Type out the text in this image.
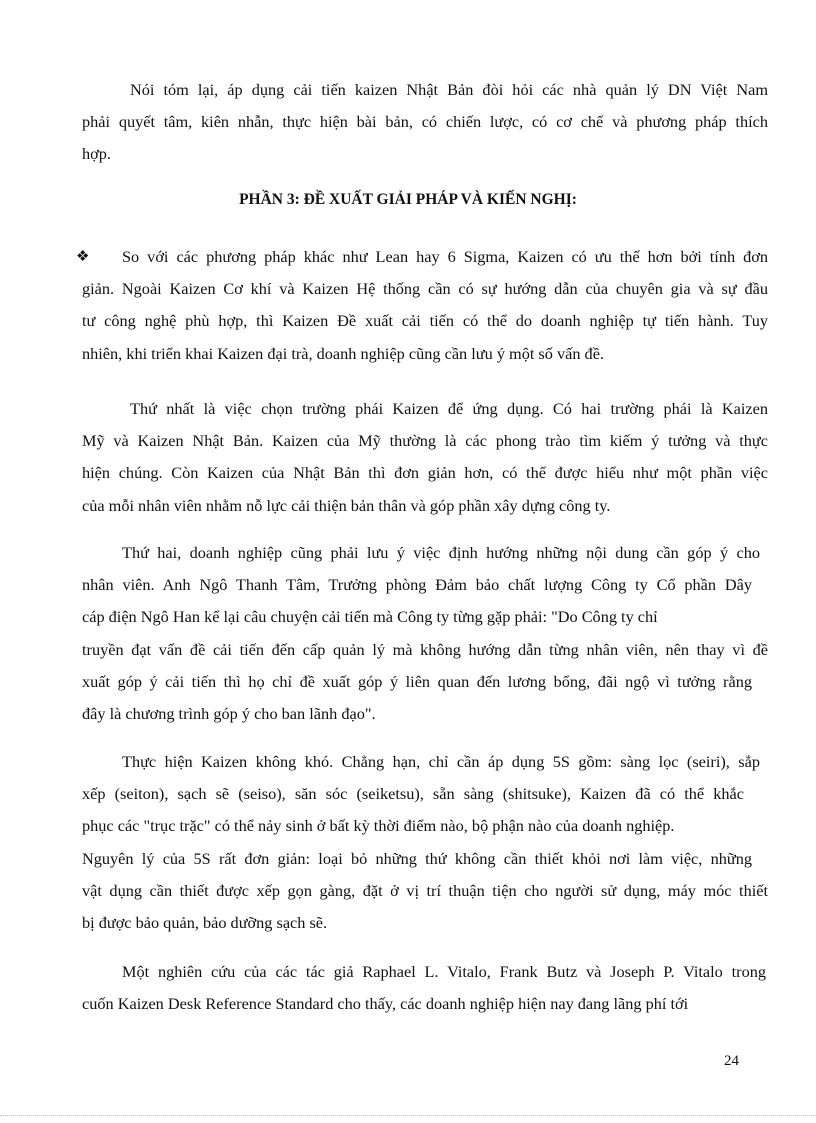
PHẦN 3: ĐỀ XUẤT GIẢI PHÁP VÀ KIẾN NGHỊ:
❖
Nói tóm lại, áp dụng cải tiến kaizen Nhật Bản đòi hỏi các nhà quản lý DN Việt Nam
phải quyết tâm, kiên nhẫn, thực hiện bài bản, có chiến lược, có cơ chế và phương pháp thích
hợp.
So với các phương pháp khác như Lean hay 6 Sigma, Kaizen có ưu thế hơn bởi tính đơn
giản. Ngoài Kaizen Cơ khí và Kaizen Hệ thống cần có sự hướng dẫn của chuyên gia và sự đầu
tư công nghệ phù hợp, thì Kaizen Đề xuất cải tiến có thể do doanh nghiệp tự tiến hành. Tuy
nhiên, khi triển khai Kaizen đại trà, doanh nghiệp cũng cần lưu ý một số vấn đề.
Thứ nhất là việc chọn trường phái Kaizen để ứng dụng. Có hai trường phái là Kaizen
Mỹ và Kaizen Nhật Bản. Kaizen của Mỹ thường là các phong trào tìm kiếm ý tưởng và thực
hiện chúng. Còn Kaizen của Nhật Bản thì đơn giản hơn, có thể được hiểu như một phần việc
của mỗi nhân viên nhằm nỗ lực cải thiện bản thân và góp phần xây dựng công ty.
Thứ hai, doanh nghiệp cũng phải lưu ý việc định hướng những nội dung cần góp ý cho
nhân viên. Anh Ngô Thanh Tâm, Trưởng phòng Đảm bảo chất lượng Công ty Cổ phần Dây
cáp điện Ngô Han kể lại câu chuyện cải tiến mà Công ty từng gặp phải: "Do Công ty chỉ
truyền đạt vấn đề cải tiến đến cấp quản lý mà không hướng dẫn từng nhân viên, nên thay vì đề
xuất góp ý cải tiến thì họ chỉ đề xuất góp ý liên quan đến lương bổng, đãi ngộ vì tưởng rằng
đây là chương trình góp ý cho ban lãnh đạo".
Thực hiện Kaizen không khó. Chẳng hạn, chỉ cần áp dụng 5S gồm: sàng lọc (seiri), sắp
xếp (seiton), sạch sẽ (seiso), săn sóc (seiketsu), sẵn sàng (shitsuke), Kaizen đã có thể khắc
phục các "trục trặc" có thể nảy sinh ở bất kỳ thời điểm nào, bộ phận nào của doanh nghiệp.
Nguyên lý của 5S rất đơn giản: loại bỏ những thứ không cần thiết khỏi nơi làm việc, những
vật dụng cần thiết được xếp gọn gàng, đặt ở vị trí thuận tiện cho người sử dụng, máy móc thiết
bị được bảo quản, bảo dưỡng sạch sẽ.
Một nghiên cứu của các tác giả Raphael L. Vitalo, Frank Butz và Joseph P. Vitalo trong
cuốn Kaizen Desk Reference Standard cho thấy, các doanh nghiệp hiện nay đang lãng phí tới
24
